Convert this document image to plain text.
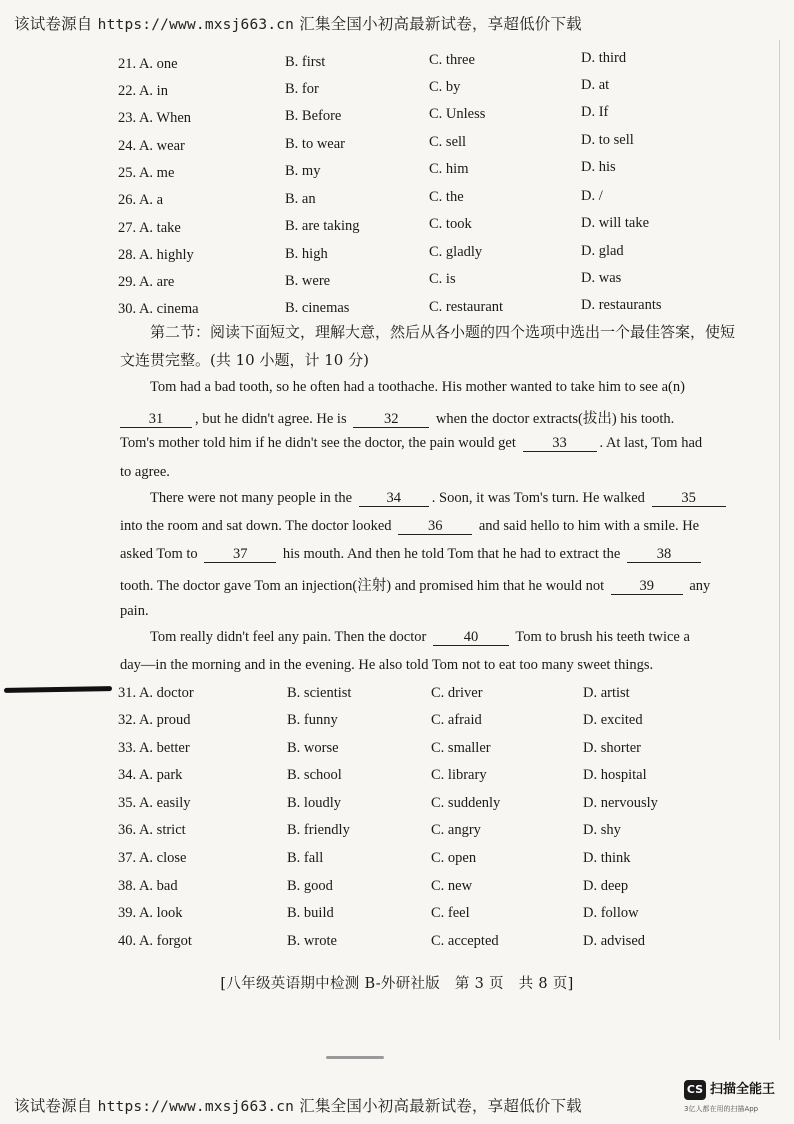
该试卷源自 https://www.mxsj663.cn 汇集全国小初高最新试卷，享超低价下载
21. A. one	B. first	C. three	D. third
22. A. in	B. for	C. by	D. at
23. A. When	B. Before	C. Unless	D. If
24. A. wear	B. to wear	C. sell	D. to sell
25. A. me	B. my	C. him	D. his
26. A. a	B. an	C. the	D. /
27. A. take	B. are taking	C. took	D. will take
28. A. highly	B. high	C. gladly	D. glad
29. A. are	B. were	C. is	D. was
30. A. cinema	B. cinemas	C. restaurant	D. restaurants
第二节：阅读下面短文，理解大意，然后从各小题的四个选项中选出一个最佳答案，使短
文连贯完整。(共 10 小题，计 10 分)
Tom had a bad tooth, so he often had a toothache. His mother wanted to take him to see a(n)
31 , but he didn't agree. He is	32	when the doctor extracts(拔出) his tooth.
Tom's mother told him if he didn't see the doctor, the pain would get	33 . At last, Tom had
to agree.
There were not many people in the 34 . Soon, it was Tom's turn. He walked	35
into the room and sat down. The doctor looked	36	and said hello to him with a smile. He
asked Tom to 37 his mouth. And then he told Tom that he had to extract the	38
tooth. The doctor gave Tom an injection(注射) and promised him that he would not 39 any
pain.
Tom really didn't feel any pain. Then the doctor	40	Tom to brush his teeth twice a
day—in the morning and in the evening. He also told Tom not to eat too many sweet things.
31. A. doctor	B. scientist	C. driver	D. artist
32. A. proud	B. funny	C. afraid	D. excited
33. A. better	B. worse	C. smaller	D. shorter
34. A. park	B. school	C. library	D. hospital
35. A. easily	B. loudly	C. suddenly	D. nervously
36. A. strict	B. friendly	C. angry	D. shy
37. A. close	B. fall	C. open	D. think
38. A. bad	B. good	C. new	D. deep
39. A. look	B. build	C. feel	D. follow
40. A. forgot	B. wrote	C. accepted	D. advised
[八年级英语期中检测 B-外研社版　第 3 页　共 8 页]
该试卷源自 https://www.mxsj663.cn 汇集全国小初高最新试卷，享超低价下载
CS 扫描全能王
3亿人都在用的扫描App
